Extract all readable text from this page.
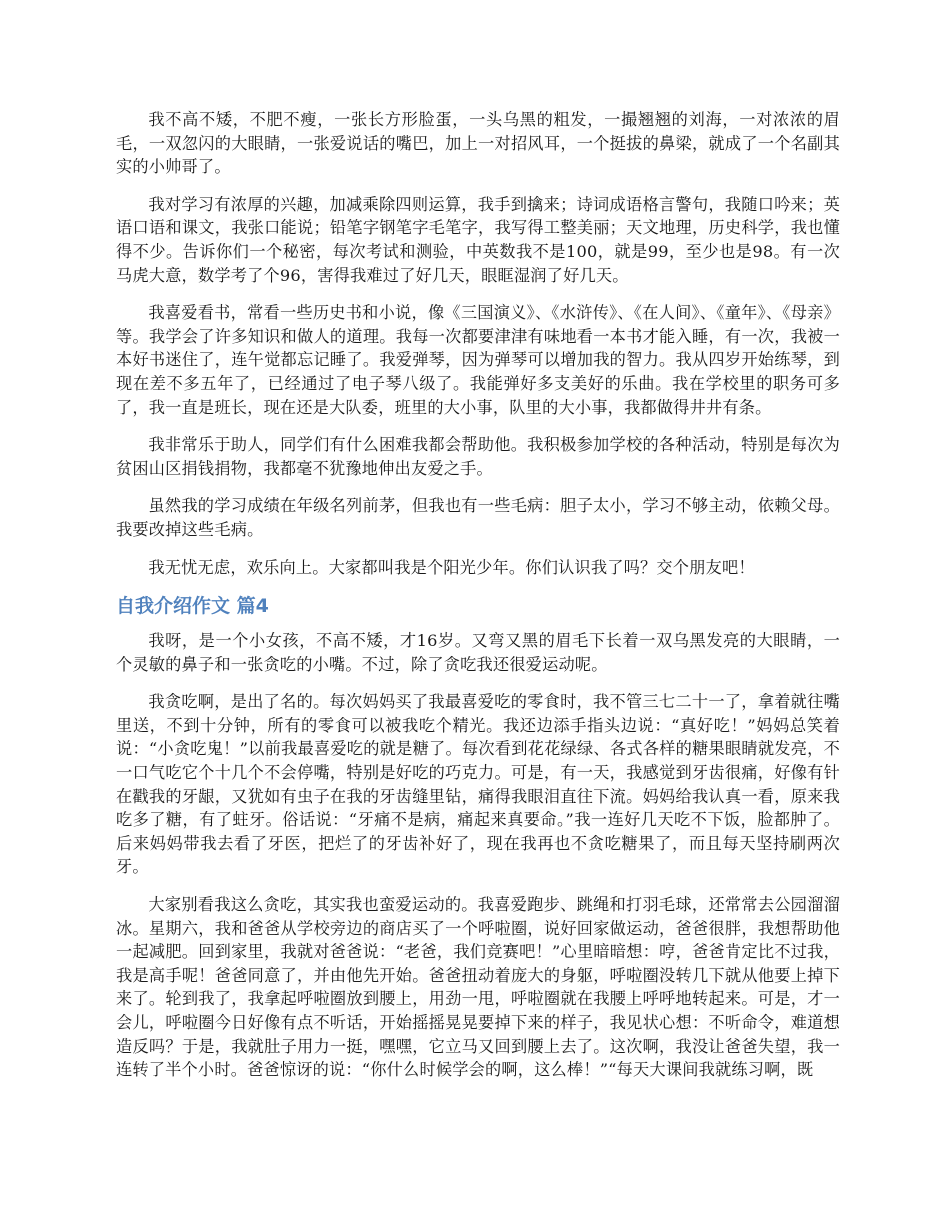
我不高不矮，不肥不瘦，一张长方形脸蛋，一头乌黑的粗发，一撮翘翘的刘海，一对浓浓的眉毛，一双忽闪的大眼睛，一张爱说话的嘴巴，加上一对招风耳，一个挺拔的鼻梁，就成了一个名副其实的小帅哥了。

我对学习有浓厚的兴趣，加减乘除四则运算，我手到擒来；诗词成语格言警句，我随口吟来；英语口语和课文，我张口能说；铅笔字钢笔字毛笔字，我写得工整美丽；天文地理，历史科学，我也懂得不少。告诉你们一个秘密，每次考试和测验，中英数我不是100，就是99，至少也是98。有一次马虎大意，数学考了个96，害得我难过了好几天，眼眶湿润了好几天。

我喜爱看书，常看一些历史书和小说，像《三国演义》、《水浒传》、《在人间》、《童年》、《母亲》等。我学会了许多知识和做人的道理。我每一次都要津津有味地看一本书才能入睡，有一次，我被一本好书迷住了，连午觉都忘记睡了。我爱弹琴，因为弹琴可以增加我的智力。我从四岁开始练琴，到现在差不多五年了，已经通过了电子琴八级了。我能弹好多支美好的乐曲。我在学校里的职务可多了，我一直是班长，现在还是大队委，班里的大小事，队里的大小事，我都做得井井有条。

我非常乐于助人，同学们有什么困难我都会帮助他。我积极参加学校的各种活动，特别是每次为贫困山区捐钱捐物，我都毫不犹豫地伸出友爱之手。

虽然我的学习成绩在年级名列前茅，但我也有一些毛病：胆子太小，学习不够主动，依赖父母。我要改掉这些毛病。

我无忧无虑，欢乐向上。大家都叫我是个阳光少年。你们认识我了吗？交个朋友吧！

自我介绍作文 篇4

我呀，是一个小女孩，不高不矮，才16岁。又弯又黑的眉毛下长着一双乌黑发亮的大眼睛，一个灵敏的鼻子和一张贪吃的小嘴。不过，除了贪吃我还很爱运动呢。

我贪吃啊，是出了名的。每次妈妈买了我最喜爱吃的零食时，我不管三七二十一了，拿着就往嘴里送，不到十分钟，所有的零食可以被我吃个精光。我还边添手指头边说：“真好吃！”妈妈总笑着说：“小贪吃鬼！”以前我最喜爱吃的就是糖了。每次看到花花绿绿、各式各样的糖果眼睛就发亮，不一口气吃它个十几个不会停嘴，特别是好吃的巧克力。可是，有一天，我感觉到牙齿很痛，好像有针在戳我的牙龈，又犹如有虫子在我的牙齿缝里钻，痛得我眼泪直往下流。妈妈给我认真一看，原来我吃多了糖，有了蛀牙。俗话说：“牙痛不是病，痛起来真要命。”我一连好几天吃不下饭，脸都肿了。后来妈妈带我去看了牙医，把烂了的牙齿补好了，现在我再也不贪吃糖果了，而且每天坚持刷两次牙。

大家别看我这么贪吃，其实我也蛮爱运动的。我喜爱跑步、跳绳和打羽毛球，还常常去公园溜溜冰。星期六，我和爸爸从学校旁边的商店买了一个呼啦圈，说好回家做运动，爸爸很胖，我想帮助他一起减肥。回到家里，我就对爸爸说：“老爸，我们竞赛吧！”心里暗暗想：哼，爸爸肯定比不过我，我是高手呢！爸爸同意了，并由他先开始。爸爸扭动着庞大的身躯，呼啦圈没转几下就从他要上掉下来了。轮到我了，我拿起呼啦圈放到腰上，用劲一甩，呼啦圈就在我腰上呼呼地转起来。可是，才一会儿，呼啦圈今日好像有点不听话，开始摇摇晃晃要掉下来的样子，我见状心想：不听命令，难道想造反吗？于是，我就肚子用力一挺，嘿嘿，它立马又回到腰上去了。这次啊，我没让爸爸失望，我一连转了半个小时。爸爸惊讶的说：“你什么时候学会的啊，这么棒！”“每天大课间我就练习啊，既
